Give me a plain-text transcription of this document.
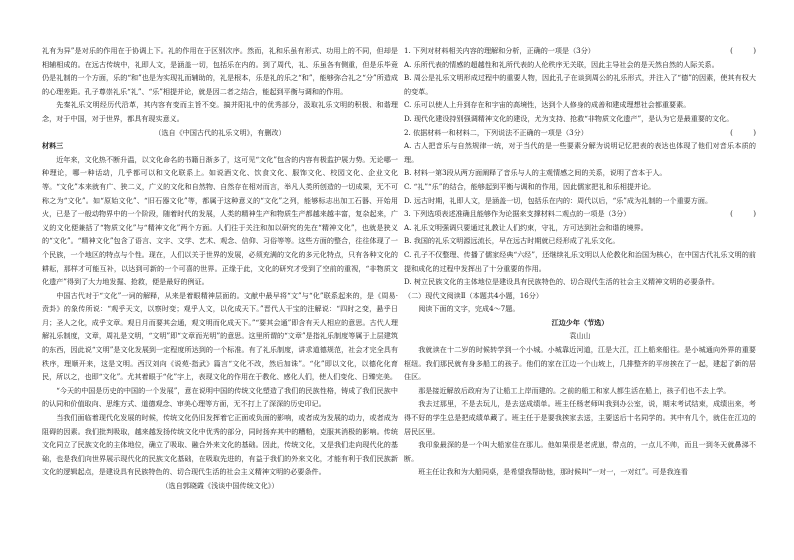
礼有为异”是对乐的作用在于协调上下。礼的作用在于区别次序。然而，礼和乐虽有形式、功用上的不同，但却是相辅相成的。在远古传统中，礼即人文，是涵盖一切，包括乐在内的。到了周代，礼、乐虽各有侧重，但是乐毕竟仍是礼制的一个方面，乐的“和”也是为实现礼而辅助的，礼是根本，乐是礼的乐之“和”，能够弥合礼之“分”所造成的心理差距。孔子尊崇礼乐“礼”、“乐”相提并论，就是因二者之结合，能起到平衡与调和的作用。

先秦礼乐文明经历代沿革，其内容有变而主旨不变。搞并阳礼中的优秀部分，汲取礼乐文明的积极、和谐理念，对于中国，对于世界，都具有现实意义。

（选自《中国古代的礼乐文明》，有删改）

材料三

近年来，文化热不断升温，以文化命名的书籍日渐多了，这可见“文化”包含的内容有极监护展力势。无论哪一种理论，哪一种话动，几乎都可以和文化联系上。如说酒文化、饮食文化、服饰文化、校园文化、企业文化等。“文化”本来就有广、狭二义，广义的文化和自然物、自然存在相对而言，举凡人类所创造的一切成果，无不可称之为“文化”。如“原始文化”、“旧石器文化”等，都属于这种意义的“文化”之列，能够标志出加工石器、开始用火，已是了一般动物界中的一个阶段，随着时代的发展，人类的精神生产和物质生产都越来越丰富，复杂起来，广义的文化便兼括了“物质文化”与“精神文化”两个方面。人们往于关注和加以研究的先在“精神文化”，也就是狭义的“文化”。“精神文化”包含了语言、文字、文学、艺术、观念、信仰、习俗等等。这些方面的整合，往往体现了一个民族，一个地区的特点与个性。现在，人们以关于世界的发展，必须充满的文化的多元化特点，只有各种文化的耕耘，那样才可能互补，以达到可新的一个可喜的世界。正缘于此，文化的研究才受到了空前的重视，“非物质文化遗产”得到了大力地发掘、抢救，便是最好的例证。

中国古代对于“文化”一词的解释，从来是着眼精神层面的。文献中最早将“文”与“化”联系起来的，是《周易·贲卦》的象传所说：“观乎天文，以察时变；观乎人文，以化成天下。”晋代人干宝的注解说：“四时之变，悬乎日月；圣人之化，成乎文章。观日月而要其会通，观文明而化成天下。”“要其会通”即含有天人相应的意思。古代人理解礼乐制度，文章，周礼是文明，“文明”即“文章而光明”的意思。这里所谓的“文章”是指礼乐制度等属于上层建筑的东西，因此说“文明”是文化发展到一定程度所达到的一个标准。有了礼乐制度，讲求道德规范，社会才完全具有秩序，理顺开来，这是文明。西汉刘向《说苑·指武》篇言“文化不改，然后加诛”。“化”即以文化，以德化化育民，所以之，也即“文化”。尤其着眼于“化”字上，表现文化的作用在于教化、感化人们，使人们变化、日臻完美。

“今天的中国是历史的中国的一个发展”，意在说明中国的传统文化塑造了我们的民族性格，铸成了我们民族中的认同和价值取向、思维方式、道德观念、审美心理等方面，无不打上了深深的历史印记。

当我们面临着现代化发展的时候，传统文化仍旧发挥着它正面或负面的影响，或者成为发展的动力，或者成为阻碍的因素。我们批判吸取，越来越发扬传统文化中优秀的部分，同时扬弃其中的糟粕，克服其消极的影响。传统文化同立了民族文化的主体地位，确立了吸取、融合外来文化的基础。因此，传统文化，又是我们走向现代化的基础，也是我们向世界展示现代化的民族文化基础，在吸取先进的，有益于我们的外来文化，才能有利于我们民族新文化的逻辑起点，是建设具有民族特色的、切合现代生活的社会主义精神文明的必要条件。

（选自郭晓霞《浅谈中国传统文化》）

1. 下列对材料相关内容的理解和分析，正确的一项是（3分）	(         )

A. 乐所代表的情感的超越性和礼所代表的人伦秩序无关联，因此主导社会的是天然自然的人际关系。

B. 周公是礼乐文明形成过程中的重要人物，因此孔子在谈到周公的礼乐形式，并注入了“德”的因素，使其有权大的变革。

C. 乐可以使人上升到存在和宇宙的高境性，达到个人修身的成善和建成理想社会都重要素。

D. 现代化建设持别强调精神文化的建设，尤为支持、抢救“非物质文化遗产”，是认为它是最重要的文化。

2. 依据材料一和材料二，下列说法不正确的一项是（3分）	(         )

A. 古人把音乐与自然规律一统，对于当代的是一些要素分解为说明记忆把表的表达也体现了他们对音乐本质的理。

B. 材料一第3段从两方面阐释了音乐与人的主观情感之间的关系，说明了音本于人。

C. “礼”“乐”的结合，能够起到平衡与调和的作用，因此儒家把礼和乐相提并论。

D. 远古时期，礼即人文，是涵盖一切，包括乐在内的：周代以后，“乐”成为礼制的一个重要方面。

3. 下列选项表述准确且能够作为论据来支撑材料二观点的一项是（3分）	(         )

A. 礼乐文明强调只要通过礼教让人们约束，守礼，方可达到社会和谐的境界。

B. 我国的礼乐文明源远流长，早在远古时期就已经形成了礼乐文化。

C. 孔子不仅整理、传播了儒家经典“六经”，还继续礼乐文明以人伦教化和治国为核心，在中国古代礼乐文明的前提和成化的过程中发挥出了十分重要的作用。

D. 树立民族文化的主体地位是建设具有民族特色的、切合现代生活的社会主义精神文明的必要条件。

（二）现代文阅读Ⅱ（本题共4小题，16分）

阅读下面的文字，完成4～7题。

江边少年（节选）

袁山山

我就读在十二岁的时候转学到一个小城。小城靠近河道，江是大江，江上船来船往。是小城通向外界的重要枢纽。我们那民就有身多船工的孩子。他们的家在江边一个山坡上，几排整齐的平房挨在了一起，建起了新的居住区。

那是接近解放后政府为了让船工上岸而建的。之前的船工和家人都生活在船上，孩子们也不去上学。

我去过那里，不是去玩儿，是去送成绩单。班主任杨老师叫我到办公室，说，期末考试结束，成绩出来，考得不好的学生总是把成绩单藏了。班主任于是要我挨家去送，主要送后十名同学的。其中有几个，就住在江边的居民区里。

我印象最深的是一个叫大船家住在那儿。他如果很是老虎崽，带点的，一点儿不帅，而且一到冬天就鼻涕不断。

班主任让我和为大船同桌，是希望我帮助他，那时候叫“一对一，一对红”。可是我连看
